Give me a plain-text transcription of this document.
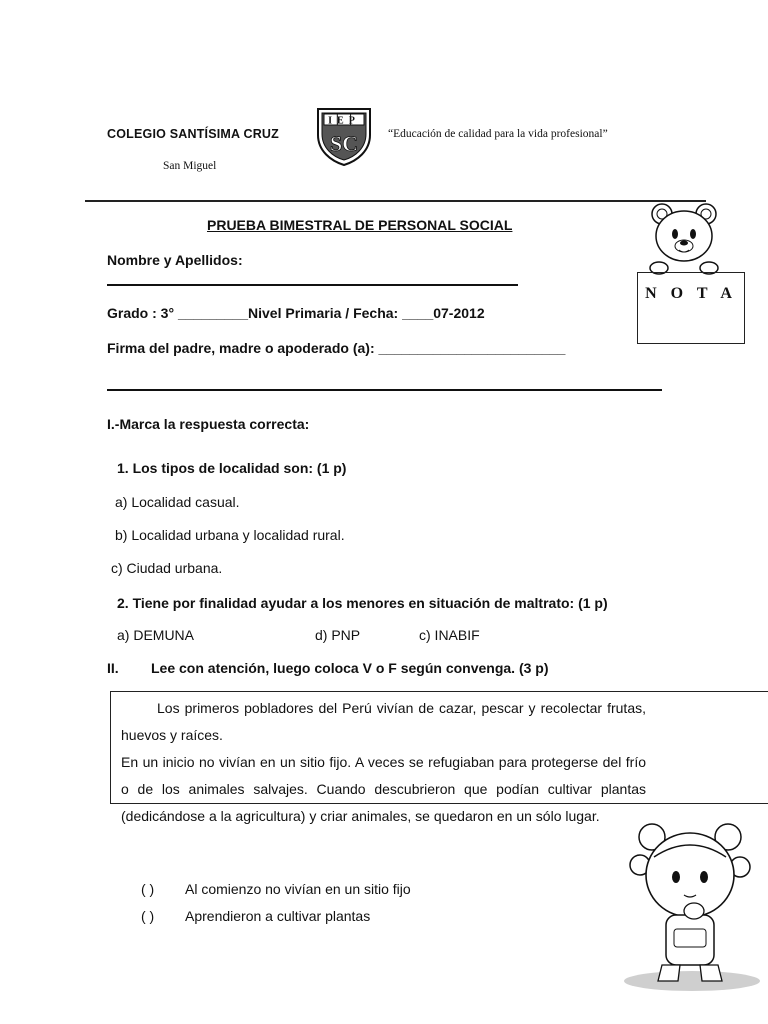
COLEGIO SANTÍSIMA CRUZ
San Miguel
IEP
SC	“Educación de calidad para la vida profesional”
PRUEBA BIMESTRAL DE PERSONAL SOCIAL
Nombre y Apellidos:
Grado : 3° _________Nivel Primaria / Fecha: ____07-2012
Firma del padre, madre o apoderado (a): ________________________
N O T A
I.-Marca la respuesta correcta:
1. Los tipos de localidad son: (1 p)
a) Localidad casual.
b) Localidad urbana y localidad rural.
c) Ciudad urbana.
2. Tiene por finalidad ayudar a los menores en situación de maltrato: (1 p)
a) DEMUNA	d) PNP	c) INABIF
II. Lee con atención, luego coloca V o F según convenga. (3 p)

Los primeros pobladores del Perú vivían de cazar, pescar y recolectar frutas, huevos y raíces.

En un inicio no vivían en un sitio fijo. A veces se refugiaban para protegerse del frío o de los animales salvajes. Cuando descubrieron que podían cultivar plantas (dedicándose a la agricultura) y criar animales, se quedaron en un sólo lugar.

( ) Al comienzo no vivían en un sitio fijo
( ) Aprendieron a cultivar plantas
